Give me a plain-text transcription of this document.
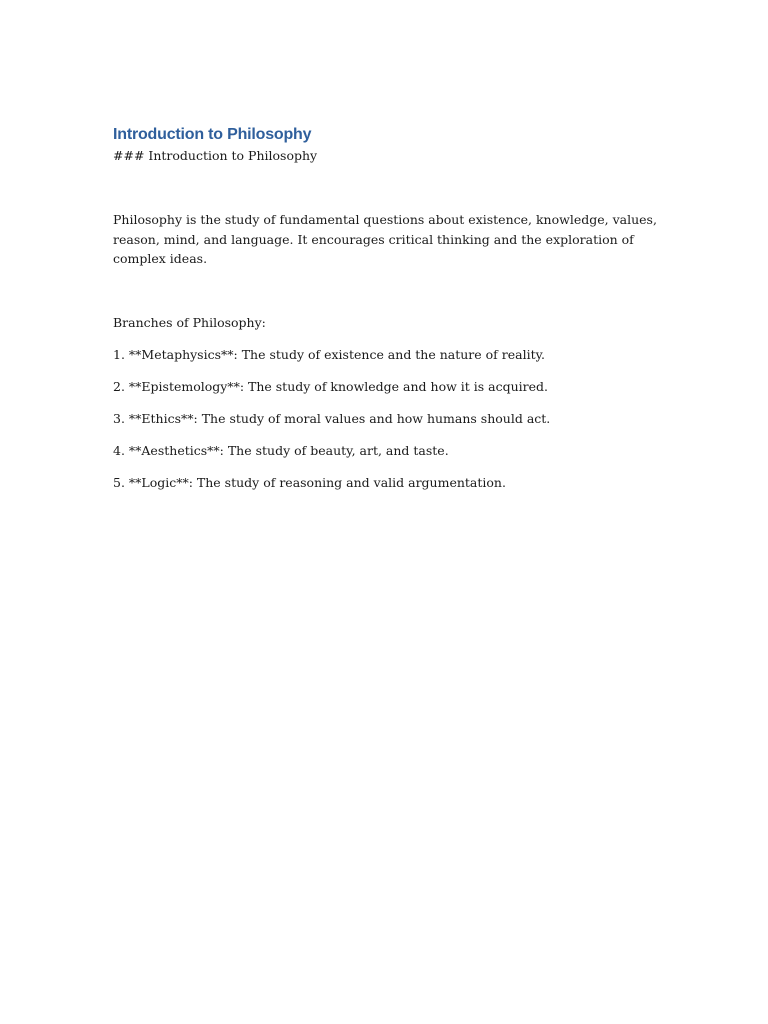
Introduction to Philosophy

### Introduction to Philosophy

Philosophy is the study of fundamental questions about existence, knowledge, values, reason, mind, and language. It encourages critical thinking and the exploration of complex ideas.

Branches of Philosophy:

1. **Metaphysics**: The study of existence and the nature of reality.
2. **Epistemology**: The study of knowledge and how it is acquired.
3. **Ethics**: The study of moral values and how humans should act.
4. **Aesthetics**: The study of beauty, art, and taste.
5. **Logic**: The study of reasoning and valid argumentation.
